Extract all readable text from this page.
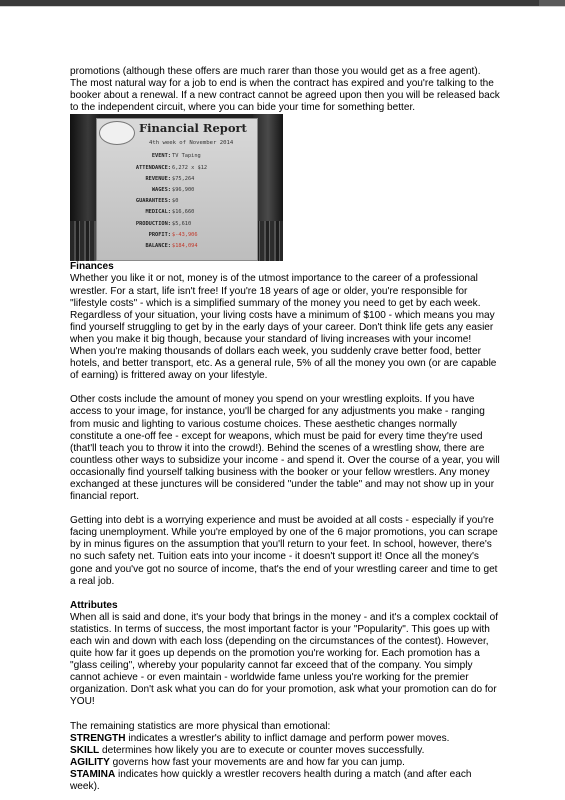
promotions (although these offers are much rarer than those you would get as a free agent). The most natural way for a job to end is when the contract has expired and you're talking to the booker about a renewal. If a new contract cannot be agreed upon then you will be released back to the independent circuit, where you can bide your time for something better.

Financial Report
4th week of November 2014
EVENT: TV Taping
ATTENDANCE: 6,272 x $12
REVENUE: $75,264
WAGES: $96,900
GUARANTEES: $0
MEDICAL: $16,660
PRODUCTION: $5,610
PROFIT: $-43,906
BALANCE: $184,094

Finances

Whether you like it or not, money is of the utmost importance to the career of a professional wrestler. For a start, life isn't free! If you're 18 years of age or older, you're responsible for "lifestyle costs" - which is a simplified summary of the money you need to get by each week. Regardless of your situation, your living costs have a minimum of $100 - which means you may find yourself struggling to get by in the early days of your career. Don't think life gets any easier when you make it big though, because your standard of living increases with your income! When you're making thousands of dollars each week, you suddenly crave better food, better hotels, and better transport, etc. As a general rule, 5% of all the money you own (or are capable of earning) is frittered away on your lifestyle.

Other costs include the amount of money you spend on your wrestling exploits. If you have access to your image, for instance, you'll be charged for any adjustments you make - ranging from music and lighting to various costume choices. These aesthetic changes normally constitute a one-off fee - except for weapons, which must be paid for every time they're used (that'll teach you to throw it into the crowd!). Behind the scenes of a wrestling show, there are countless other ways to subsidize your income - and spend it. Over the course of a year, you will occasionally find yourself talking business with the booker or your fellow wrestlers. Any money exchanged at these junctures will be considered "under the table" and may not show up in your financial report.

Getting into debt is a worrying experience and must be avoided at all costs - especially if you're facing unemployment. While you're employed by one of the 6 major promotions, you can scrape by in minus figures on the assumption that you'll return to your feet. In school, however, there's no such safety net. Tuition eats into your income - it doesn't support it! Once all the money's gone and you've got no source of income, that's the end of your wrestling career and time to get a real job.

Attributes

When all is said and done, it's your body that brings in the money - and it's a complex cocktail of statistics. In terms of success, the most important factor is your "Popularity". This goes up with each win and down with each loss (depending on the circumstances of the contest). However, quite how far it goes up depends on the promotion you're working for. Each promotion has a "glass ceiling", whereby your popularity cannot far exceed that of the company. You simply cannot achieve - or even maintain - worldwide fame unless you're working for the premier organization. Don't ask what you can do for your promotion, ask what your promotion can do for YOU!

The remaining statistics are more physical than emotional:

STRENGTH indicates a wrestler's ability to inflict damage and perform power moves.

SKILL determines how likely you are to execute or counter moves successfully.

AGILITY governs how fast your movements are and how far you can jump.

STAMINA indicates how quickly a wrestler recovers health during a match (and after each week).
